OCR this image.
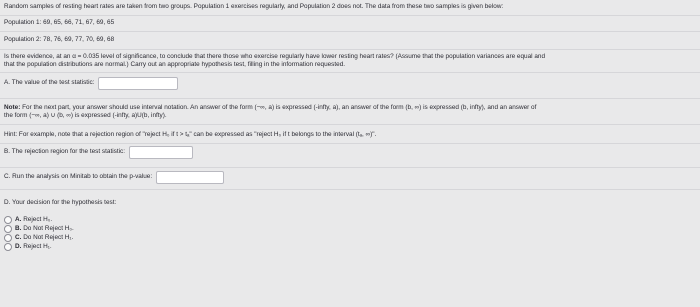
Random samples of resting heart rates are taken from two groups. Population 1 exercises regularly, and Population 2 does not. The data from these two samples is given below:
Population 1: 69, 65, 66, 71, 67, 69, 65
Population 2: 78, 76, 69, 77, 70, 69, 68
Is there evidence, at an α = 0.035 level of significance, to conclude that there those who exercise regularly have lower resting heart rates? (Assume that the population variances are equal and
that the population distributions are normal.) Carry out an appropriate hypothesis test, filling in the information requested.
A. The value of the test statistic:
Note: For the next part, your answer should use interval notation. An answer of the form (−∞, a) is expressed (-infty, a), an answer of the form (b, ∞) is expressed (b, infty), and an answer of
the form (−∞, a) ∪ (b, ∞) is expressed (-infty, a)U(b, infty).
Hint: For example, note that a rejection region of "reject H₀ if t > tₐ" can be expressed as "reject H₀ if t belongs to the interval (tₐ, ∞)".
B. The rejection region for the test statistic:
C. Run the analysis on Minitab to obtain the p-value:
D. Your decision for the hypothesis test:
A.
Reject H₀.
B.
Do Not Reject H₀.
C.
Do Not Reject H₁.
D.
Reject H₁.
